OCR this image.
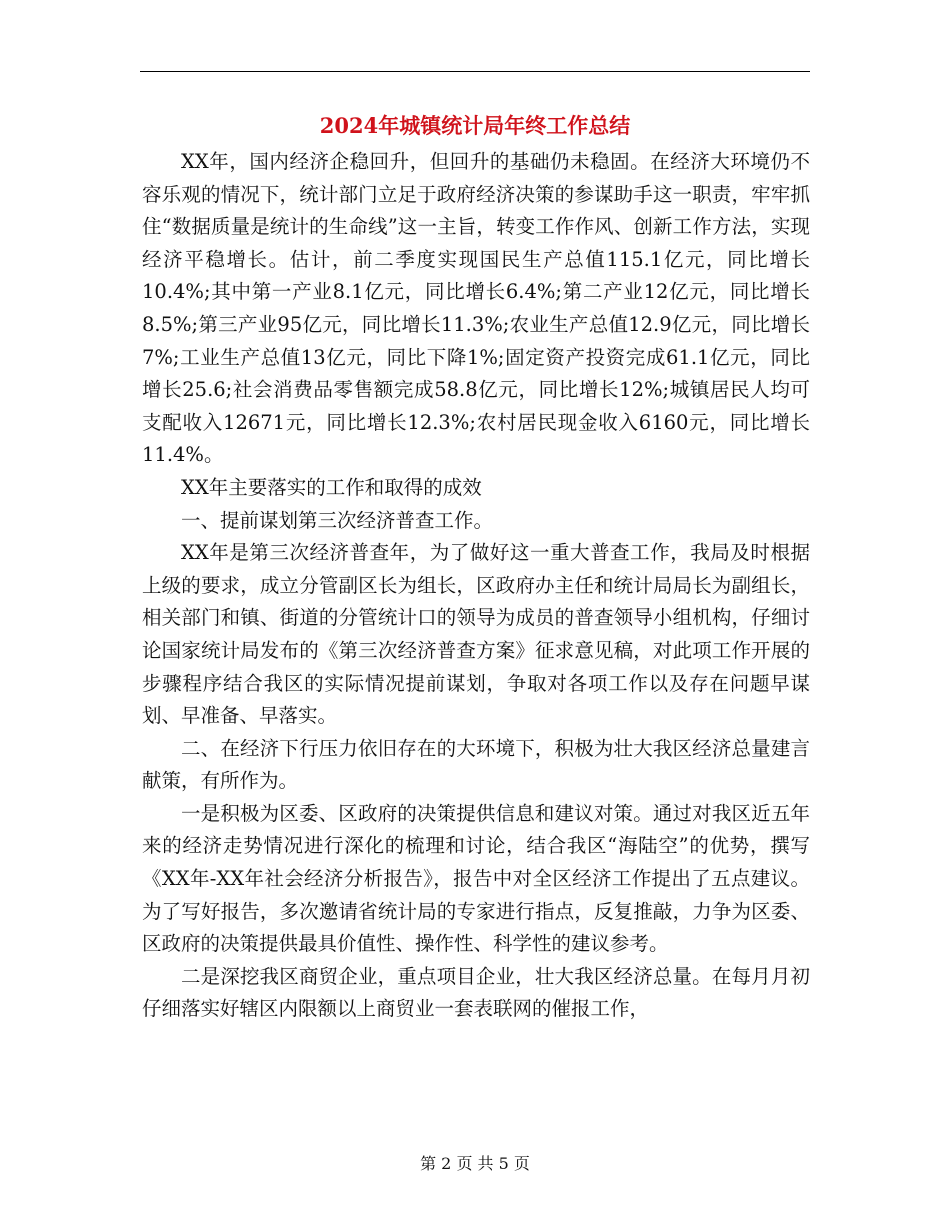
2024年城镇统计局年终工作总结

XX年，国内经济企稳回升，但回升的基础仍未稳固。在经济大环境仍不容乐观的情况下，统计部门立足于政府经济决策的参谋助手这一职责，牢牢抓住“数据质量是统计的生命线”这一主旨，转变工作作风、创新工作方法，实现经济平稳增长。估计，前二季度实现国民生产总值115.1亿元，同比增长10.4%;其中第一产业8.1亿元，同比增长6.4%;第二产业12亿元，同比增长8.5%;第三产业95亿元，同比增长11.3%;农业生产总值12.9亿元，同比增长7%;工业生产总值13亿元，同比下降1%;固定资产投资完成61.1亿元，同比增长25.6;社会消费品零售额完成58.8亿元，同比增长12%;城镇居民人均可支配收入12671元，同比增长12.3%;农村居民现金收入6160元，同比增长11.4%。

XX年主要落实的工作和取得的成效

一、提前谋划第三次经济普查工作。

XX年是第三次经济普查年，为了做好这一重大普查工作，我局及时根据上级的要求，成立分管副区长为组长，区政府办主任和统计局局长为副组长，相关部门和镇、街道的分管统计口的领导为成员的普查领导小组机构，仔细讨论国家统计局发布的《第三次经济普查方案》征求意见稿，对此项工作开展的步骤程序结合我区的实际情况提前谋划，争取对各项工作以及存在问题早谋划、早准备、早落实。

二、在经济下行压力依旧存在的大环境下，积极为壮大我区经济总量建言献策，有所作为。

一是积极为区委、区政府的决策提供信息和建议对策。通过对我区近五年来的经济走势情况进行深化的梳理和讨论，结合我区“海陆空”的优势，撰写《XX年-XX年社会经济分析报告》，报告中对全区经济工作提出了五点建议。为了写好报告，多次邀请省统计局的专家进行指点，反复推敲，力争为区委、区政府的决策提供最具价值性、操作性、科学性的建议参考。

二是深挖我区商贸企业，重点项目企业，壮大我区经济总量。在每月月初仔细落实好辖区内限额以上商贸业一套表联网的催报工作，

第 2 页 共 5 页
